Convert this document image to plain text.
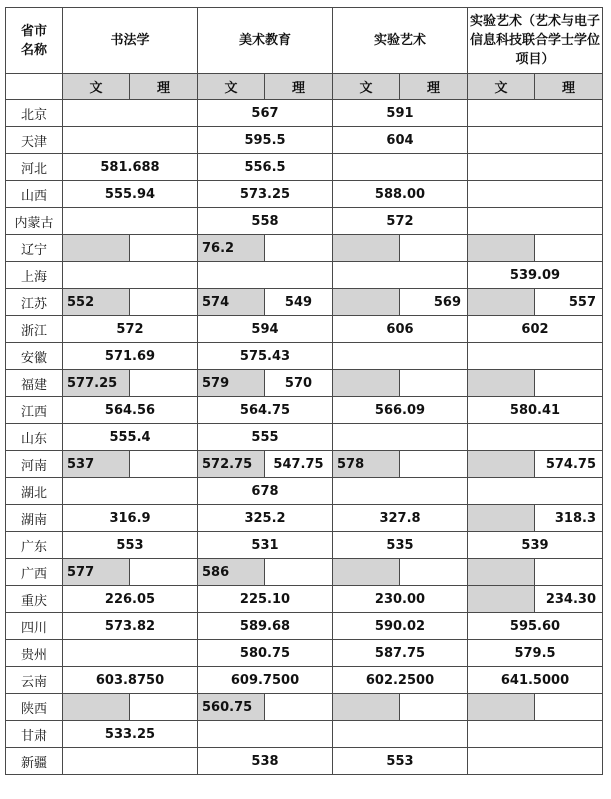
省市
名称	书法学		美术教育		实验艺术		实验艺术（艺术与电子信息科技联合学士学位项目）	
	文	理	文	理	文	理	文	理
北京			567		591			
天津			595.5		604			
河北	581.688		556.5					
山西	555.94		573.25		588.00			
内蒙古			558		572			
辽宁			76.2					
上海							539.09	
江苏	552		574	549		569		557
浙江	572		594		606		602	
安徽	571.69		575.43					
福建	577.25		579	570				
江西	564.56		564.75		566.09		580.41	
山东	555.4		555					
河南	537		572.75	547.75	578			574.75
湖北			678					
湖南	316.9		325.2		327.8			318.3
广东	553		531		535		539	
广西	577		586					
重庆	226.05		225.10		230.00			234.30
四川	573.82		589.68		590.02		595.60	
贵州			580.75		587.75		579.5	
云南	603.8750		609.7500		602.2500		641.5000	
陕西			560.75					
甘肃	533.25							
新疆			538		553			
